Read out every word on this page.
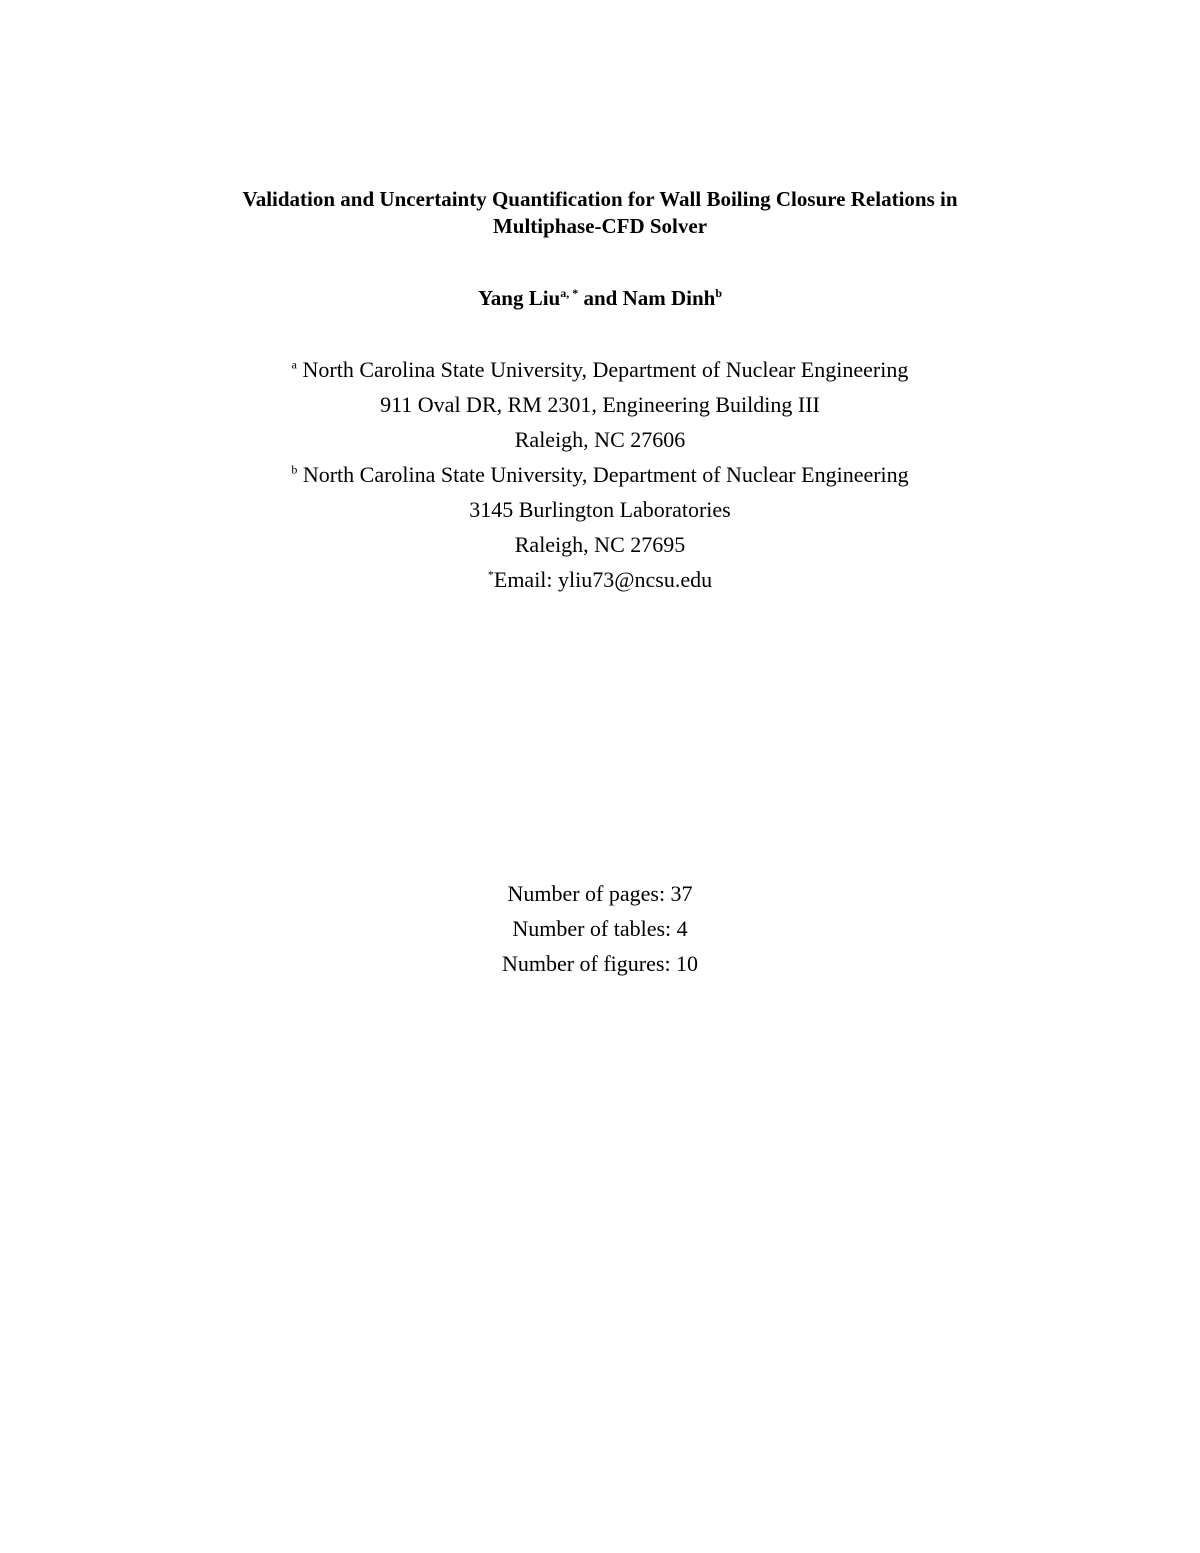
Validation and Uncertainty Quantification for Wall Boiling Closure Relations in
Multiphase-CFD Solver
Yang Liu$^{a, *}$ and Nam Dinh$^b$
$^a$ North Carolina State University, Department of Nuclear Engineering
911 Oval DR, RM 2301, Engineering Building III
Raleigh, NC 27606
$^b$ North Carolina State University, Department of Nuclear Engineering
3145 Burlington Laboratories
Raleigh, NC 27695
*Email: yliu73@ncsu.edu
Number of pages: 37
Number of tables: 4
Number of figures: 10
